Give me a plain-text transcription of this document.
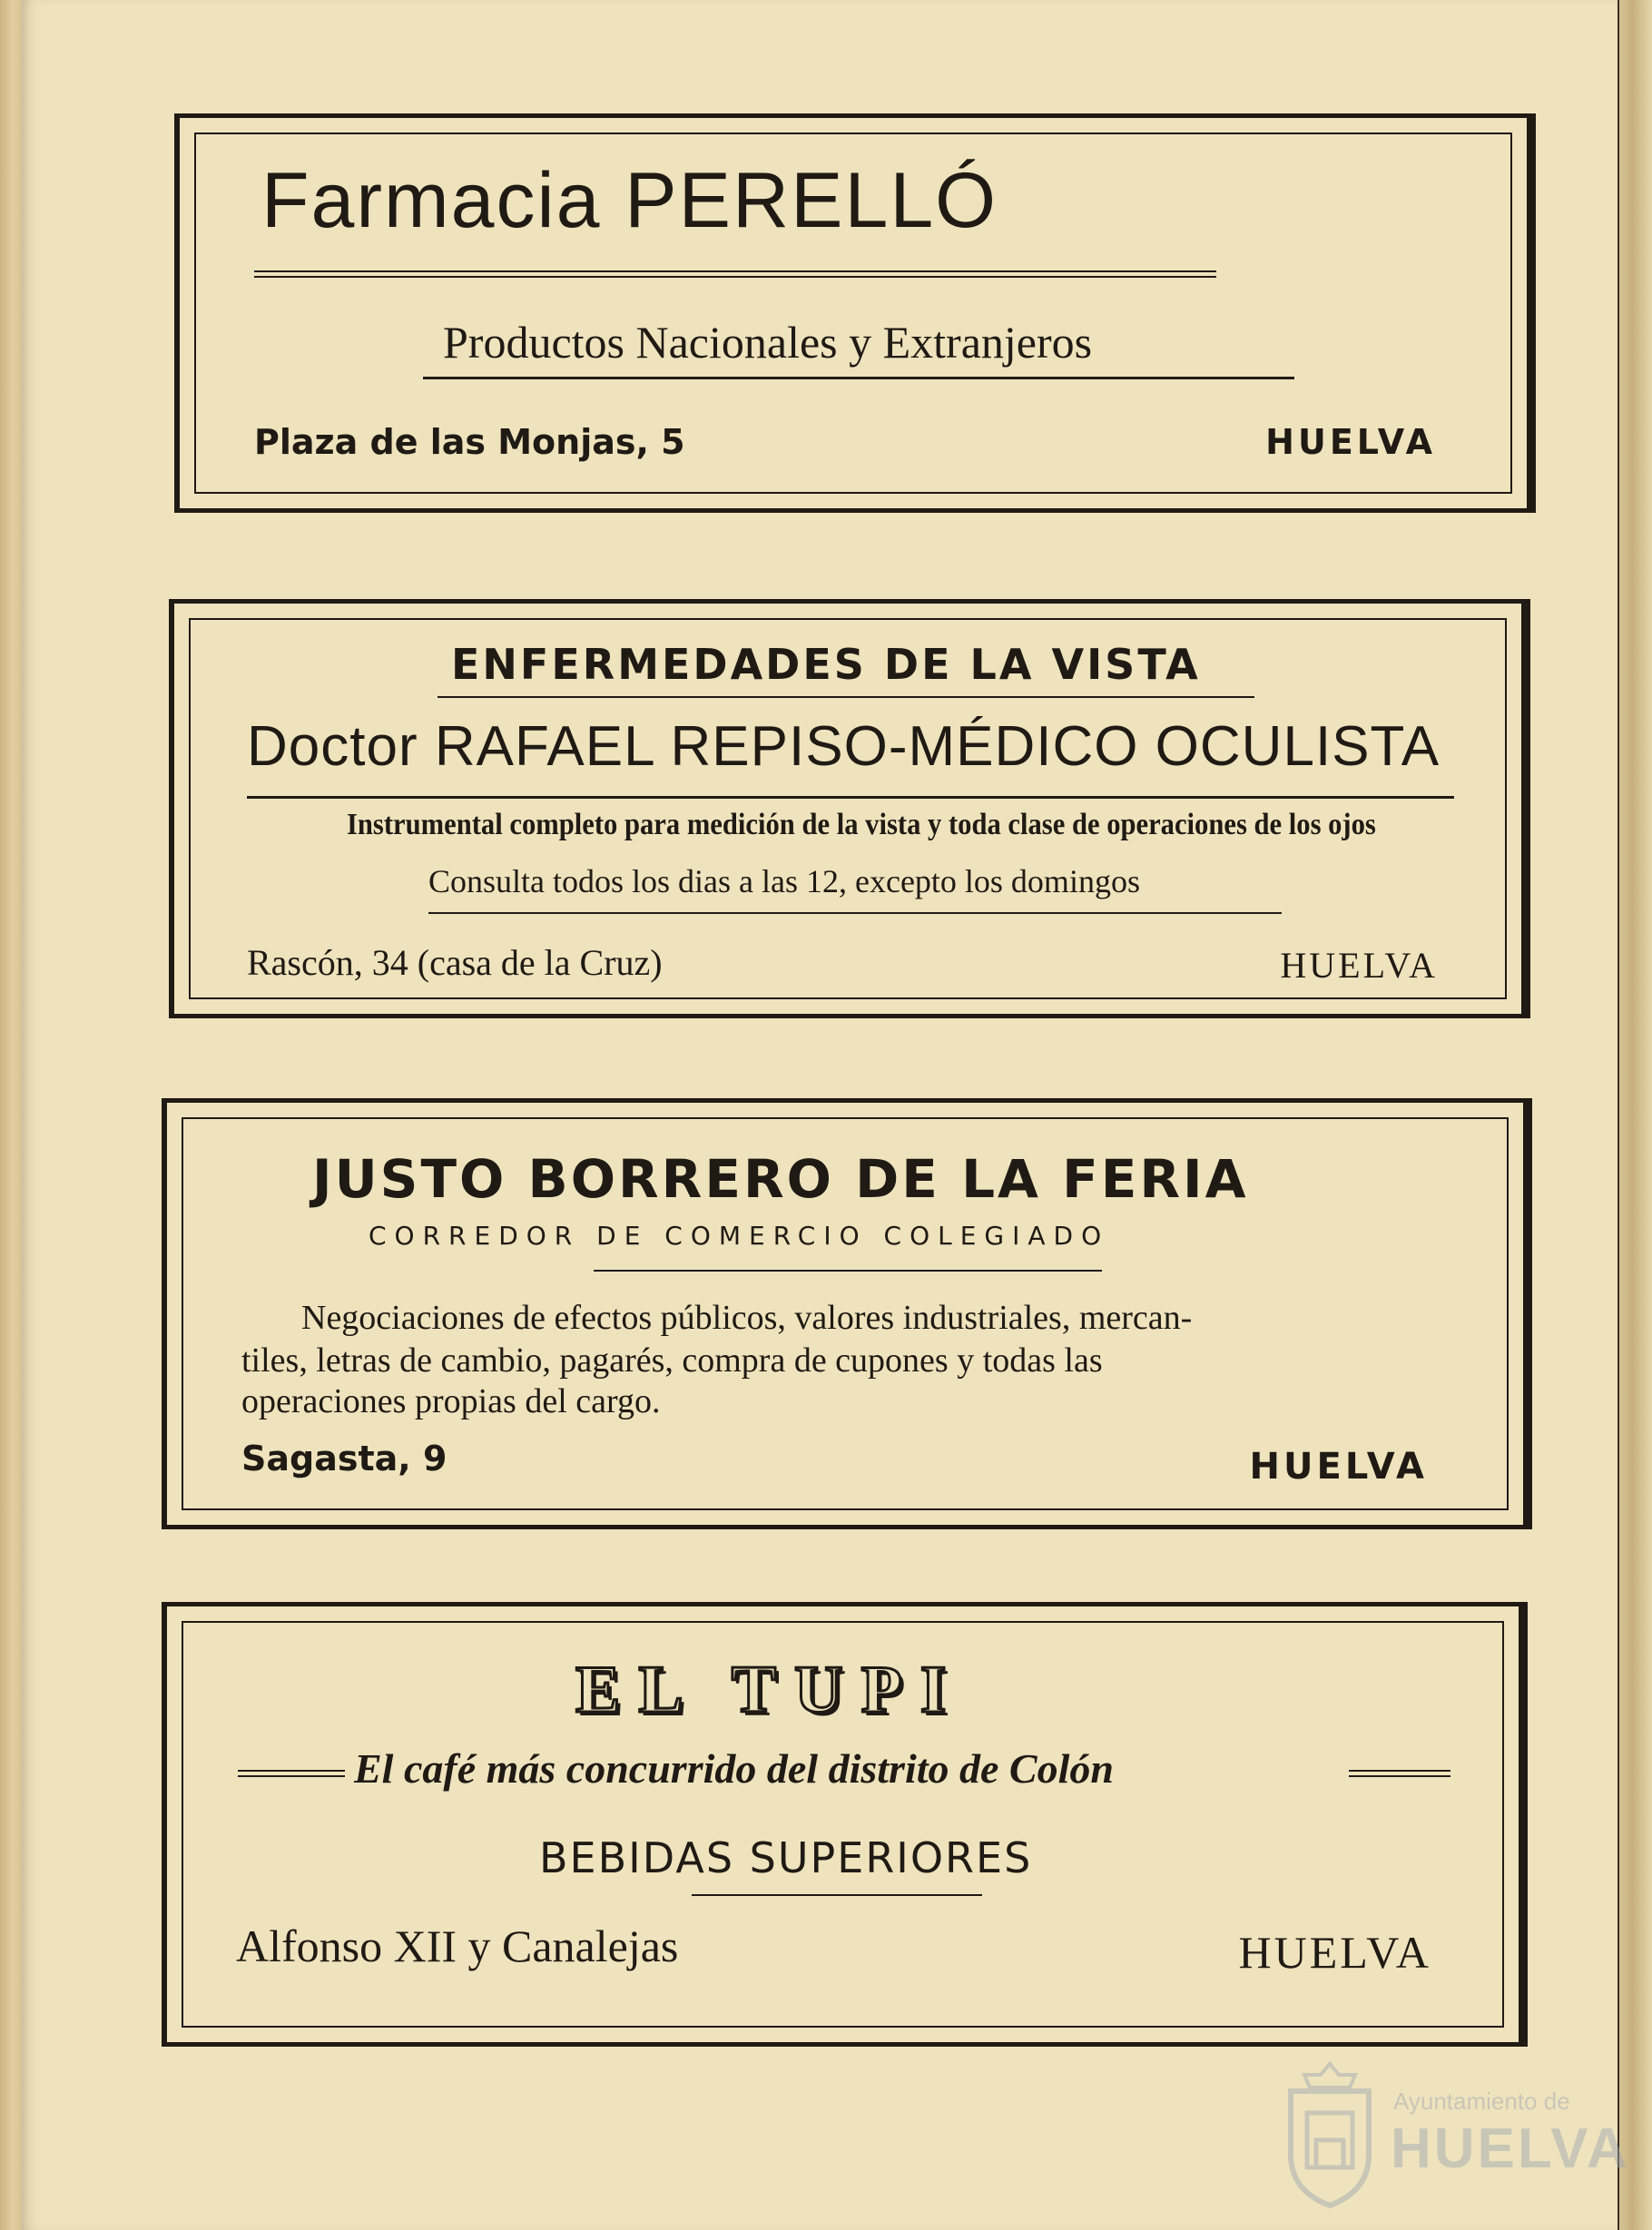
Farmacia PERELLÓ

Productos Nacionales y Extranjeros

Plaza de las Monjas, 5	HUELVA

ENFERMEDADES DE LA VISTA

Doctor RAFAEL REPISO-MÉDICO OCULISTA

Instrumental completo para medición de la vista y toda clase de operaciones de los ojos

Consulta todos los dias a las 12, excepto los domingos

Rascón, 34 (casa de la Cruz)	HUELVA

JUSTO BORRERO DE LA FERIA

CORREDOR DE COMERCIO COLEGIADO

Negociaciones de efectos públicos, valores industriales, mercan-

tiles, letras de cambio, pagarés, compra de cupones y todas las

operaciones propias del cargo.

Sagasta, 9	HUELVA

EL TUPI

El café más concurrido del distrito de Colón

BEBIDAS SUPERIORES

Alfonso XII y Canalejas	HUELVA

Ayuntamiento de

HUELVA
